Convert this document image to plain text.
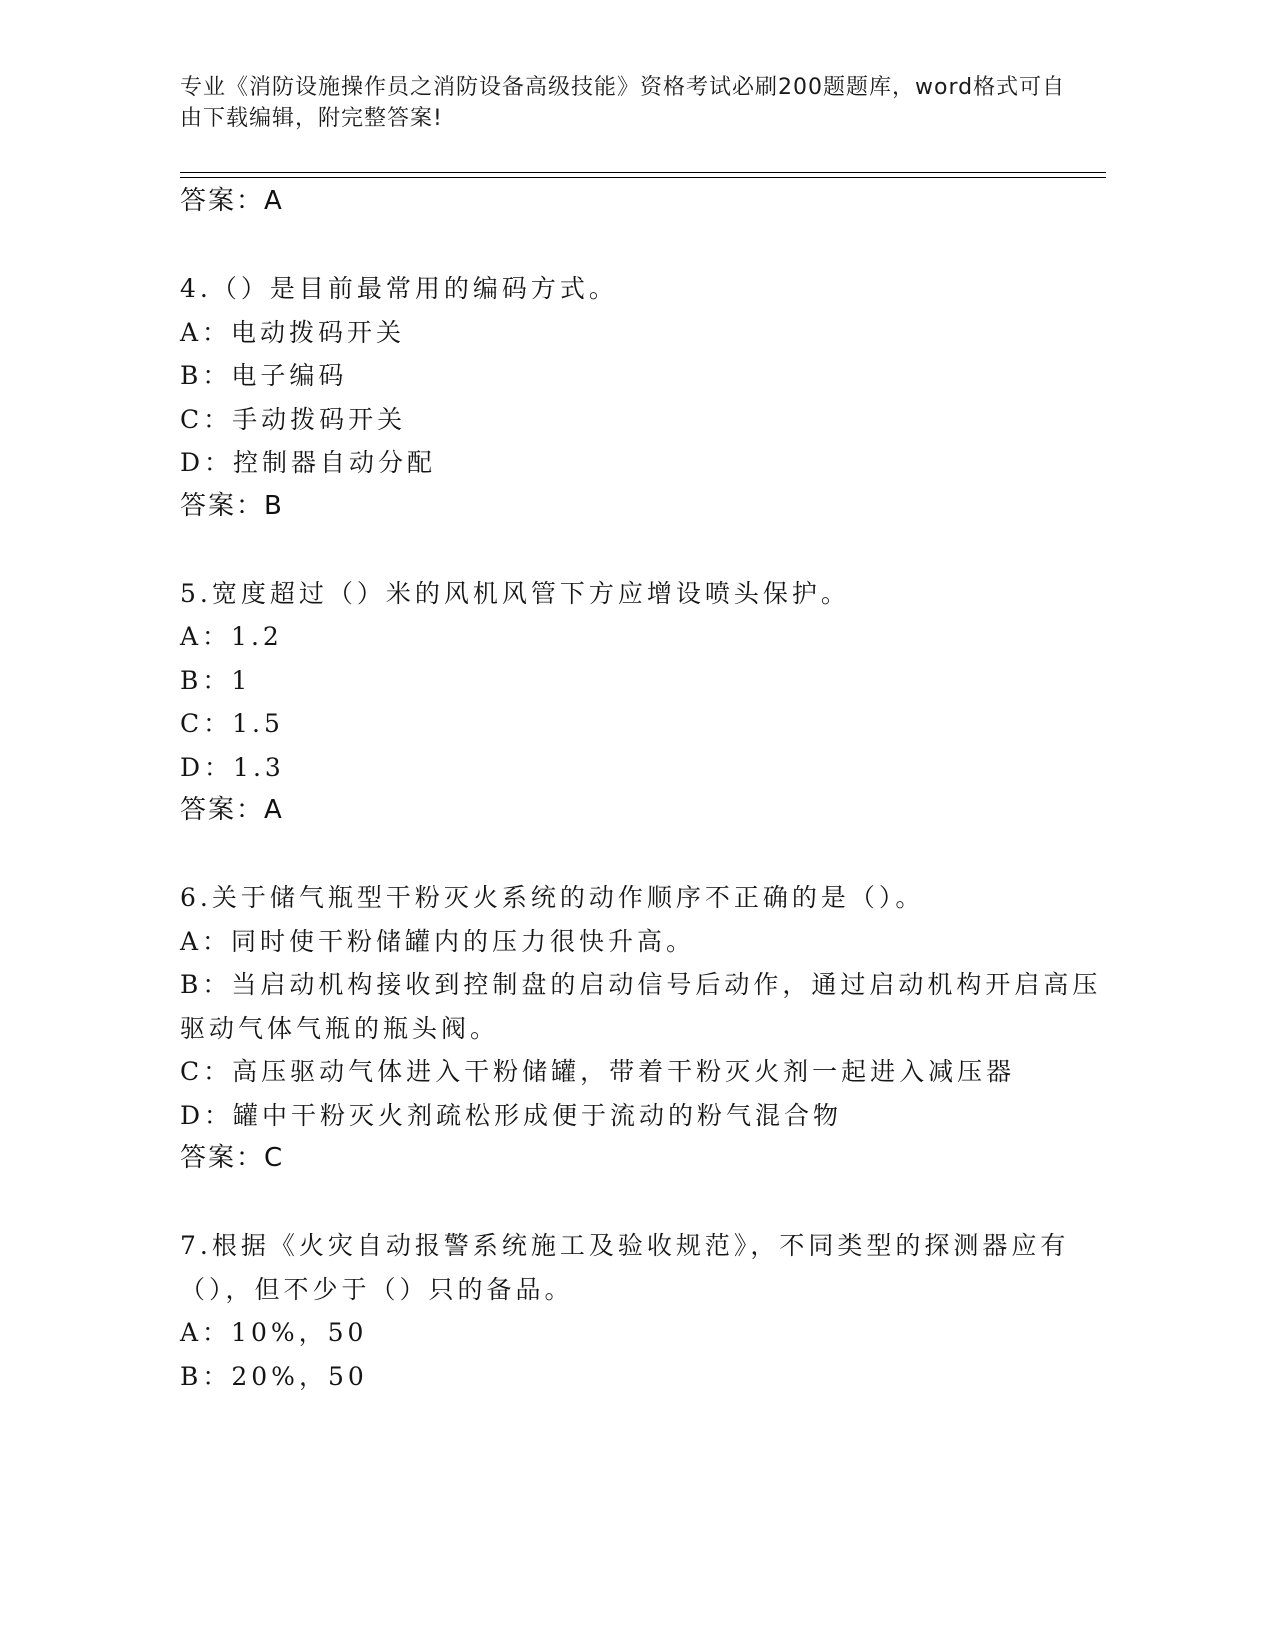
专业《消防设施操作员之消防设备高级技能》资格考试必刷200题题库，word格式可自由下载编辑，附完整答案!
答案：A
4.（）是目前最常用的编码方式。
A：电动拨码开关
B：电子编码
C：手动拨码开关
D：控制器自动分配
答案：B
5.宽度超过（）米的风机风管下方应增设喷头保护。
A：1.2
B：1
C：1.5
D：1.3
答案：A
6.关于储气瓶型干粉灭火系统的动作顺序不正确的是（）。
A：同时使干粉储罐内的压力很快升高。
B：当启动机构接收到控制盘的启动信号后动作，通过启动机构开启高压驱动气体气瓶的瓶头阀。
C：高压驱动气体进入干粉储罐，带着干粉灭火剂一起进入减压器
D：罐中干粉灭火剂疏松形成便于流动的粉气混合物
答案：C
7.根据《火灾自动报警系统施工及验收规范》，不同类型的探测器应有（），但不少于（）只的备品。
A：10%，50
B：20%，50
